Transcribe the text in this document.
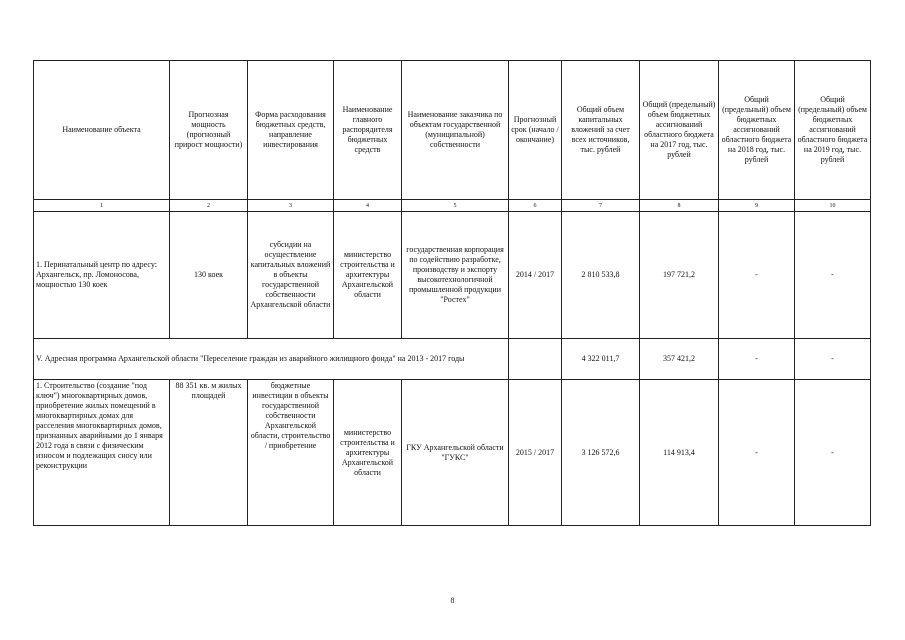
Наименование объекта	Прогнозная мощность (прогнозный прирост мощности)	Форма расходования бюджетных средств, направление инвестирования	Наименование главного распорядителя бюджетных средств	Наименование заказчика по объектам государственной (муниципальной) собственности	Прогнозный срок (начало / окончание)	Общий объем капитальных вложений за счет всех источников, тыс. рублей	Общий (предельный) объем бюджетных ассигнований областного бюджета на 2017 год, тыс. рублей	Общий (предельный) объем бюджетных ассигнований областного бюджета на 2018 год, тыс. рублей	Общий (предельный) объем бюджетных ассигнований областного бюджета на 2019 год, тыс. рублей
1	2	3	4	5	6	7	8	9	10
1. Перинатальный центр по адресу: Архангельск, пр. Ломоносова, мощностью 130 коек	130 коек	субсидии на осуществление капитальных вложений в объекты государственной собственности Архангельской области	министерство строительства и архитектуры Архангельской области	государственная корпорация по содействию разработке, производству и экспорту высокотехнологичной промышленной продукции "Ростех"	2014 / 2017	2 810 533,8	197 721,2	-	-
V. Адресная программа Архангельской области "Переселение граждан из аварийного жилищного фонда" на 2013 - 2017 годы						4 322 011,7	357 421,2	-	-
1. Строительство (создание "под ключ") многоквартирных домов, приобретение жилых помещений в многоквартирных домах для расселения многоквартирных домов, признанных аварийными до 1 января 2012 года в связи с физическим износом и подлежащих сносу или реконструкции	88 351 кв. м жилых площадей	бюджетные инвестиции в объекты государственной собственности Архангельской области, строительство / приобретение	министерство строительства и архитектуры Архангельской области	ГКУ Архангельской области "ГУКС"	2015 / 2017	3 126 572,6	114 913,4	-	-
8
